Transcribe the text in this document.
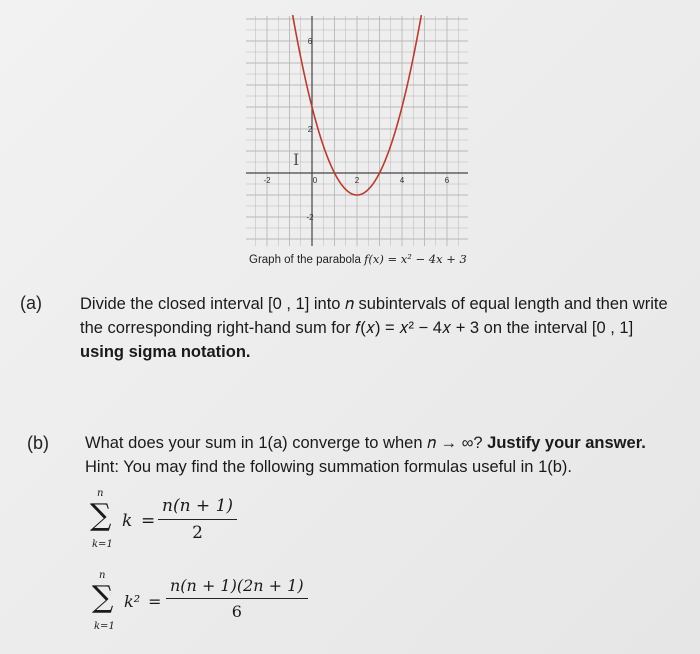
-2	0	2	4	6
6
2
-2
I
Graph of the parabola f(x) = x² − 4x + 3
(a) Divide the closed interval [0 , 1] into 𝑛 subintervals of equal length and then write
the corresponding right-hand sum for 𝑓(𝑥) = 𝑥² − 4𝑥 + 3 on the interval [0 , 1]
using sigma notation.
(b) What does your sum in 1(a) converge to when 𝑛 → ∞? Justify your answer.
Hint: You may find the following summation formulas useful in 1(b).
n
∑
k=1
$k = \frac{n(n + 1)}{2}$
n
∑
k=1
$k^2 = \frac{n(n + 1)(2n + 1)}{6}$
